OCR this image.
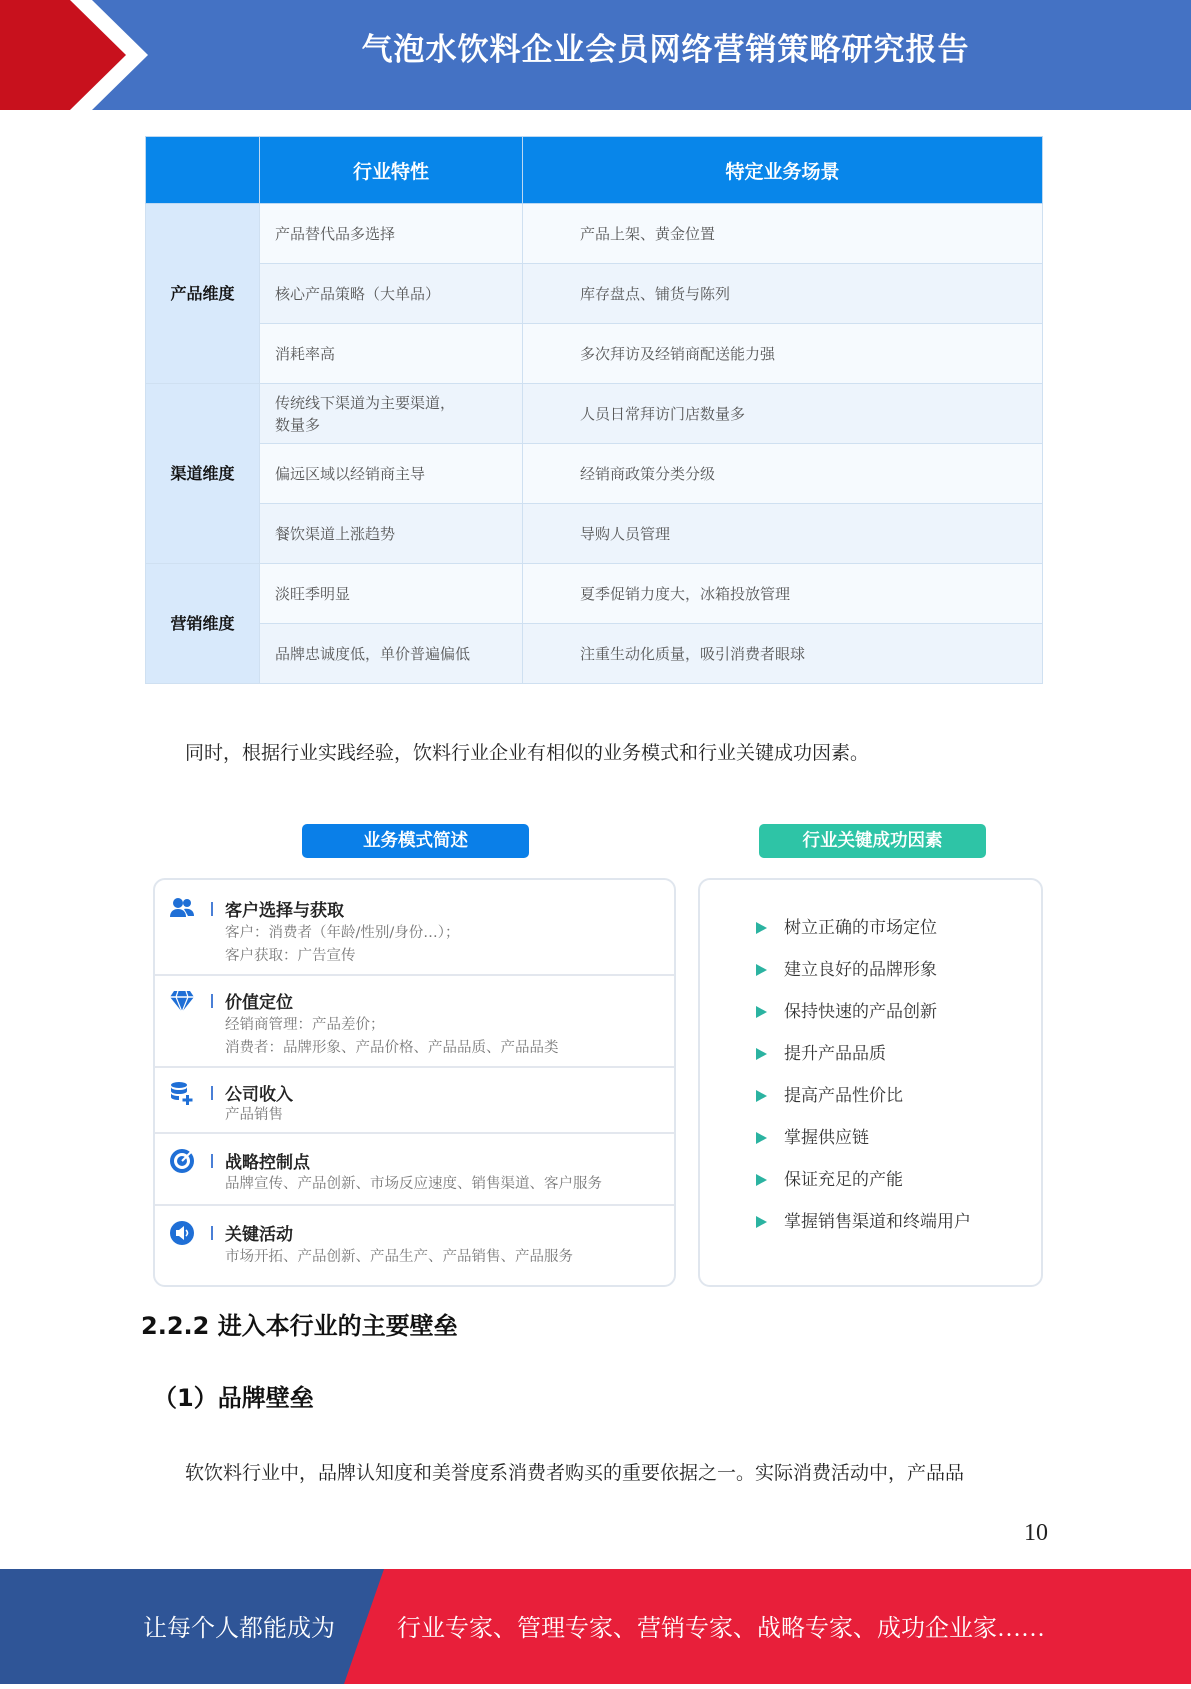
气泡水饮料企业会员网络营销策略研究报告
	行业特性	特定业务场景
产品维度	产品替代品多选择	产品上架、黄金位置
	核心产品策略（大单品）	库存盘点、铺货与陈列
	消耗率高	多次拜访及经销商配送能力强
渠道维度	传统线下渠道为主要渠道，数量多	人员日常拜访门店数量多
	偏远区域以经销商主导	经销商政策分类分级
	餐饮渠道上涨趋势	导购人员管理
营销维度	淡旺季明显	夏季促销力度大，冰箱投放管理
	品牌忠诚度低，单价普遍偏低	注重生动化质量，吸引消费者眼球
同时，根据行业实践经验，饮料行业企业有相似的业务模式和行业关键成功因素。
业务模式简述	行业关键成功因素
客户选择与获取
客户：消费者（年龄/性别/身份…）；
客户获取：广告宣传
价值定位
经销商管理：产品差价；
消费者：品牌形象、产品价格、产品品质、产品品类
公司收入
产品销售
战略控制点
品牌宣传、产品创新、市场反应速度、销售渠道、客户服务
关键活动
市场开拓、产品创新、产品生产、产品销售、产品服务
树立正确的市场定位
建立良好的品牌形象
保持快速的产品创新
提升产品品质
提高产品性价比
掌握供应链
保证充足的产能
掌握销售渠道和终端用户
2.2.2 进入本行业的主要壁垒
（1）品牌壁垒
软饮料行业中，品牌认知度和美誉度系消费者购买的重要依据之一。实际消费活动中，产品品
10
让每个人都能成为	行业专家、管理专家、营销专家、战略专家、成功企业家……
